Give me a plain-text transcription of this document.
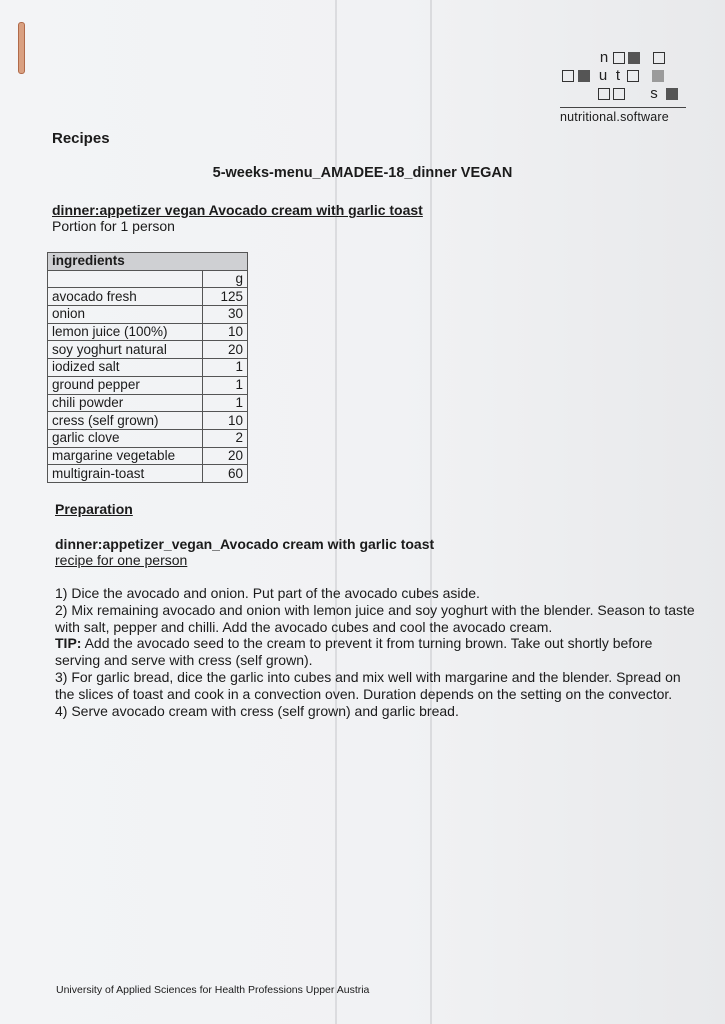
n
u t
s
nutritional.software
Recipes
5-weeks-menu_AMADEE-18_dinner VEGAN
dinner:appetizer vegan Avocado cream with garlic toast
Portion for 1 person
ingredients	
	g
avocado fresh	125
onion	30
lemon juice (100%)	10
soy yoghurt natural	20
iodized salt	1
ground pepper	1
chili powder	1
cress (self grown)	10
garlic clove	2
margarine vegetable	20
multigrain-toast	60
Preparation
dinner:appetizer_vegan_Avocado cream with garlic toast
recipe for one person

1) Dice the avocado and onion. Put part of the avocado cubes aside.

2) Mix remaining avocado and onion with lemon juice and soy yoghurt with the blender. Season to taste with salt, pepper and chilli. Add the avocado cubes and cool the avocado cream.

TIP: Add the avocado seed to the cream to prevent it from turning brown. Take out shortly before serving and serve with cress (self grown).

3) For garlic bread, dice the garlic into cubes and mix well with margarine and the blender. Spread on the slices of toast and cook in a convection oven. Duration depends on the setting on the convector.

4) Serve avocado cream with cress (self grown) and garlic bread.

University of Applied Sciences for Health Professions Upper Austria
